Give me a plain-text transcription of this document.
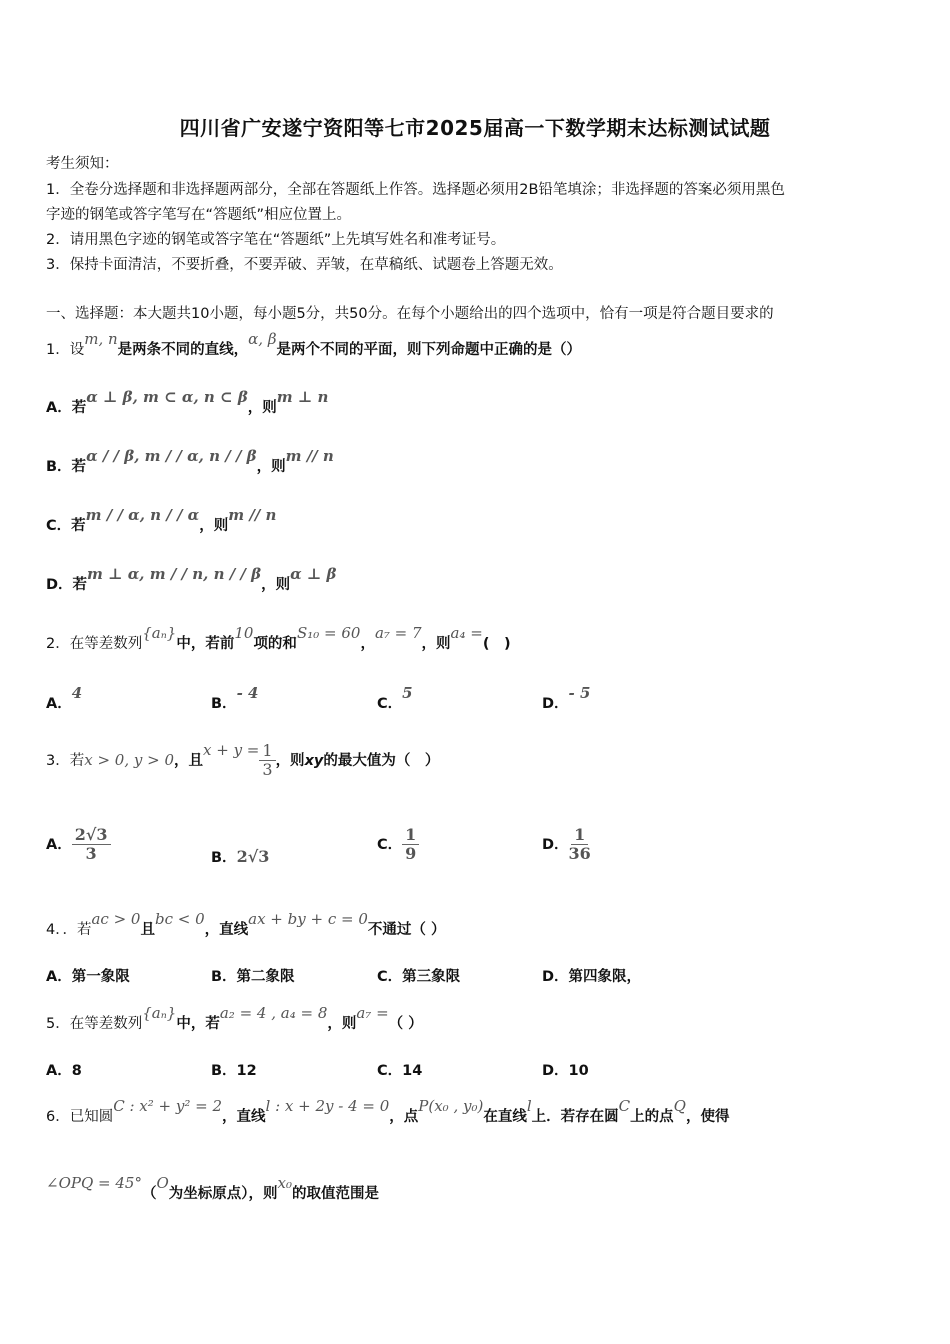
四川省广安遂宁资阳等七市2025届高一下数学期末达标测试试题
考生须知：
1．全卷分选择题和非选择题两部分，全部在答题纸上作答。选择题必须用2B铅笔填涂；非选择题的答案必须用黑色
字迹的钢笔或答字笔写在“答题纸”相应位置上。
2．请用黑色字迹的钢笔或答字笔在“答题纸”上先填写姓名和准考证号。
3．保持卡面清洁，不要折叠，不要弄破、弄皱，在草稿纸、试题卷上答题无效。
一、选择题：本大题共10小题，每小题5分，共50分。在每个小题给出的四个选项中，恰有一项是符合题目要求的
1．设m, n是两条不同的直线，α, β是两个不同的平面，则下列命题中正确的是（）
A．若α ⊥ β, m ⊂ α, n ⊂ β，则m ⊥ n
B．若α / / β, m / / α, n / / β，则m // n
C．若m / / α, n / / α，则m // n
D．若m ⊥ α, m / / n, n / / β，则α ⊥ β
2．在等差数列{aₙ}中，若前10项的和S₁₀ = 60，a₇ = 7，则a₄ =(　)
A．4
B．- 4
C．5
D．- 5
3．若x > 0, y > 0，且$x + y = \frac{1}{3}$ ，则xy的最大值为（　）
A． $\frac{2√3}{3}$	B．2√3
C． $\frac{1}{9}$	D． $\frac{1}{36}$
4．．若ac > 0且bc < 0，直线ax + by + c = 0不通过（ ）
A．第一象限	B．第二象限	C．第三象限	D．第四象限，
5．在等差数列{aₙ}中，若a₂ = 4 , a₄ = 8，则a₇ =（ ）
A．8	B．12	C．14	D．10
6．已知圆C : x² + y² = 2，直线l : x + 2y - 4 = 0，点P(x₀ , y₀)在直线l上．若存在圆C上的点Q，使得
∠OPQ = 45°（O为坐标原点），则x₀的取值范围是
